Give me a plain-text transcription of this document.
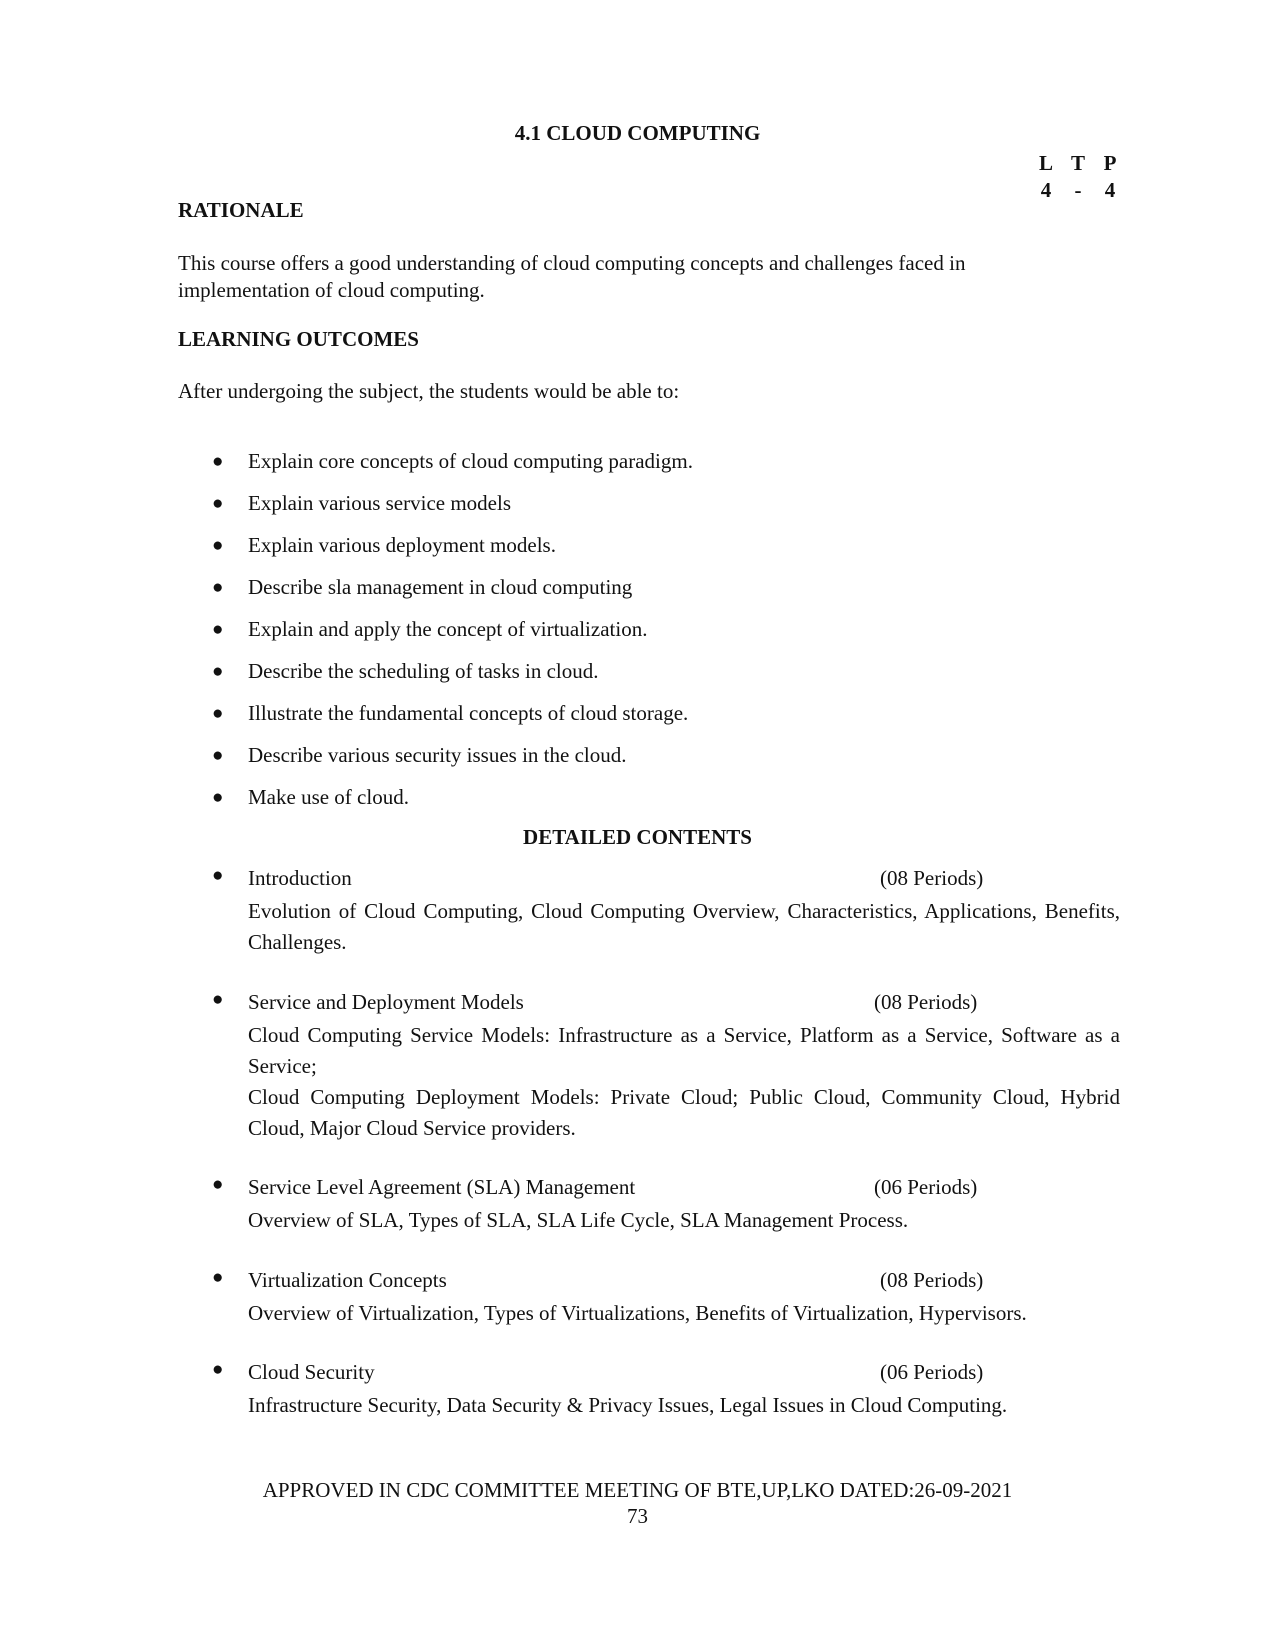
4.1 CLOUD COMPUTING
L	T	P
4	-	4
RATIONALE

This course offers a good understanding of cloud computing concepts and challenges faced in implementation of cloud computing.

LEARNING OUTCOMES

After undergoing the subject, the students would be able to:

● Explain core concepts of cloud computing paradigm.
● Explain various service models
● Explain various deployment models.
● Describe sla management in cloud computing
● Explain and apply the concept of virtualization.
● Describe the scheduling of tasks in cloud.
● Illustrate the fundamental concepts of cloud storage.
● Describe various security issues in the cloud.
● Make use of cloud.
DETAILED CONTENTS
● Introduction	(08 Periods)

Evolution of Cloud Computing, Cloud Computing Overview, Characteristics, Applications, Benefits, Challenges.

● Service and Deployment Models	(08 Periods)

Cloud Computing Service Models: Infrastructure as a Service, Platform as a Service, Software as a Service;
Cloud Computing Deployment Models: Private Cloud; Public Cloud, Community Cloud, Hybrid Cloud, Major Cloud Service providers.

● Service Level Agreement (SLA) Management	(06 Periods)

Overview of SLA, Types of SLA, SLA Life Cycle, SLA Management Process.

● Virtualization Concepts	(08 Periods)

Overview of Virtualization, Types of Virtualizations, Benefits of Virtualization, Hypervisors.

● Cloud Security	(06 Periods)

Infrastructure Security, Data Security & Privacy Issues, Legal Issues in Cloud Computing.

APPROVED IN CDC COMMITTEE MEETING OF BTE,UP,LKO DATED:26-09-2021

73
